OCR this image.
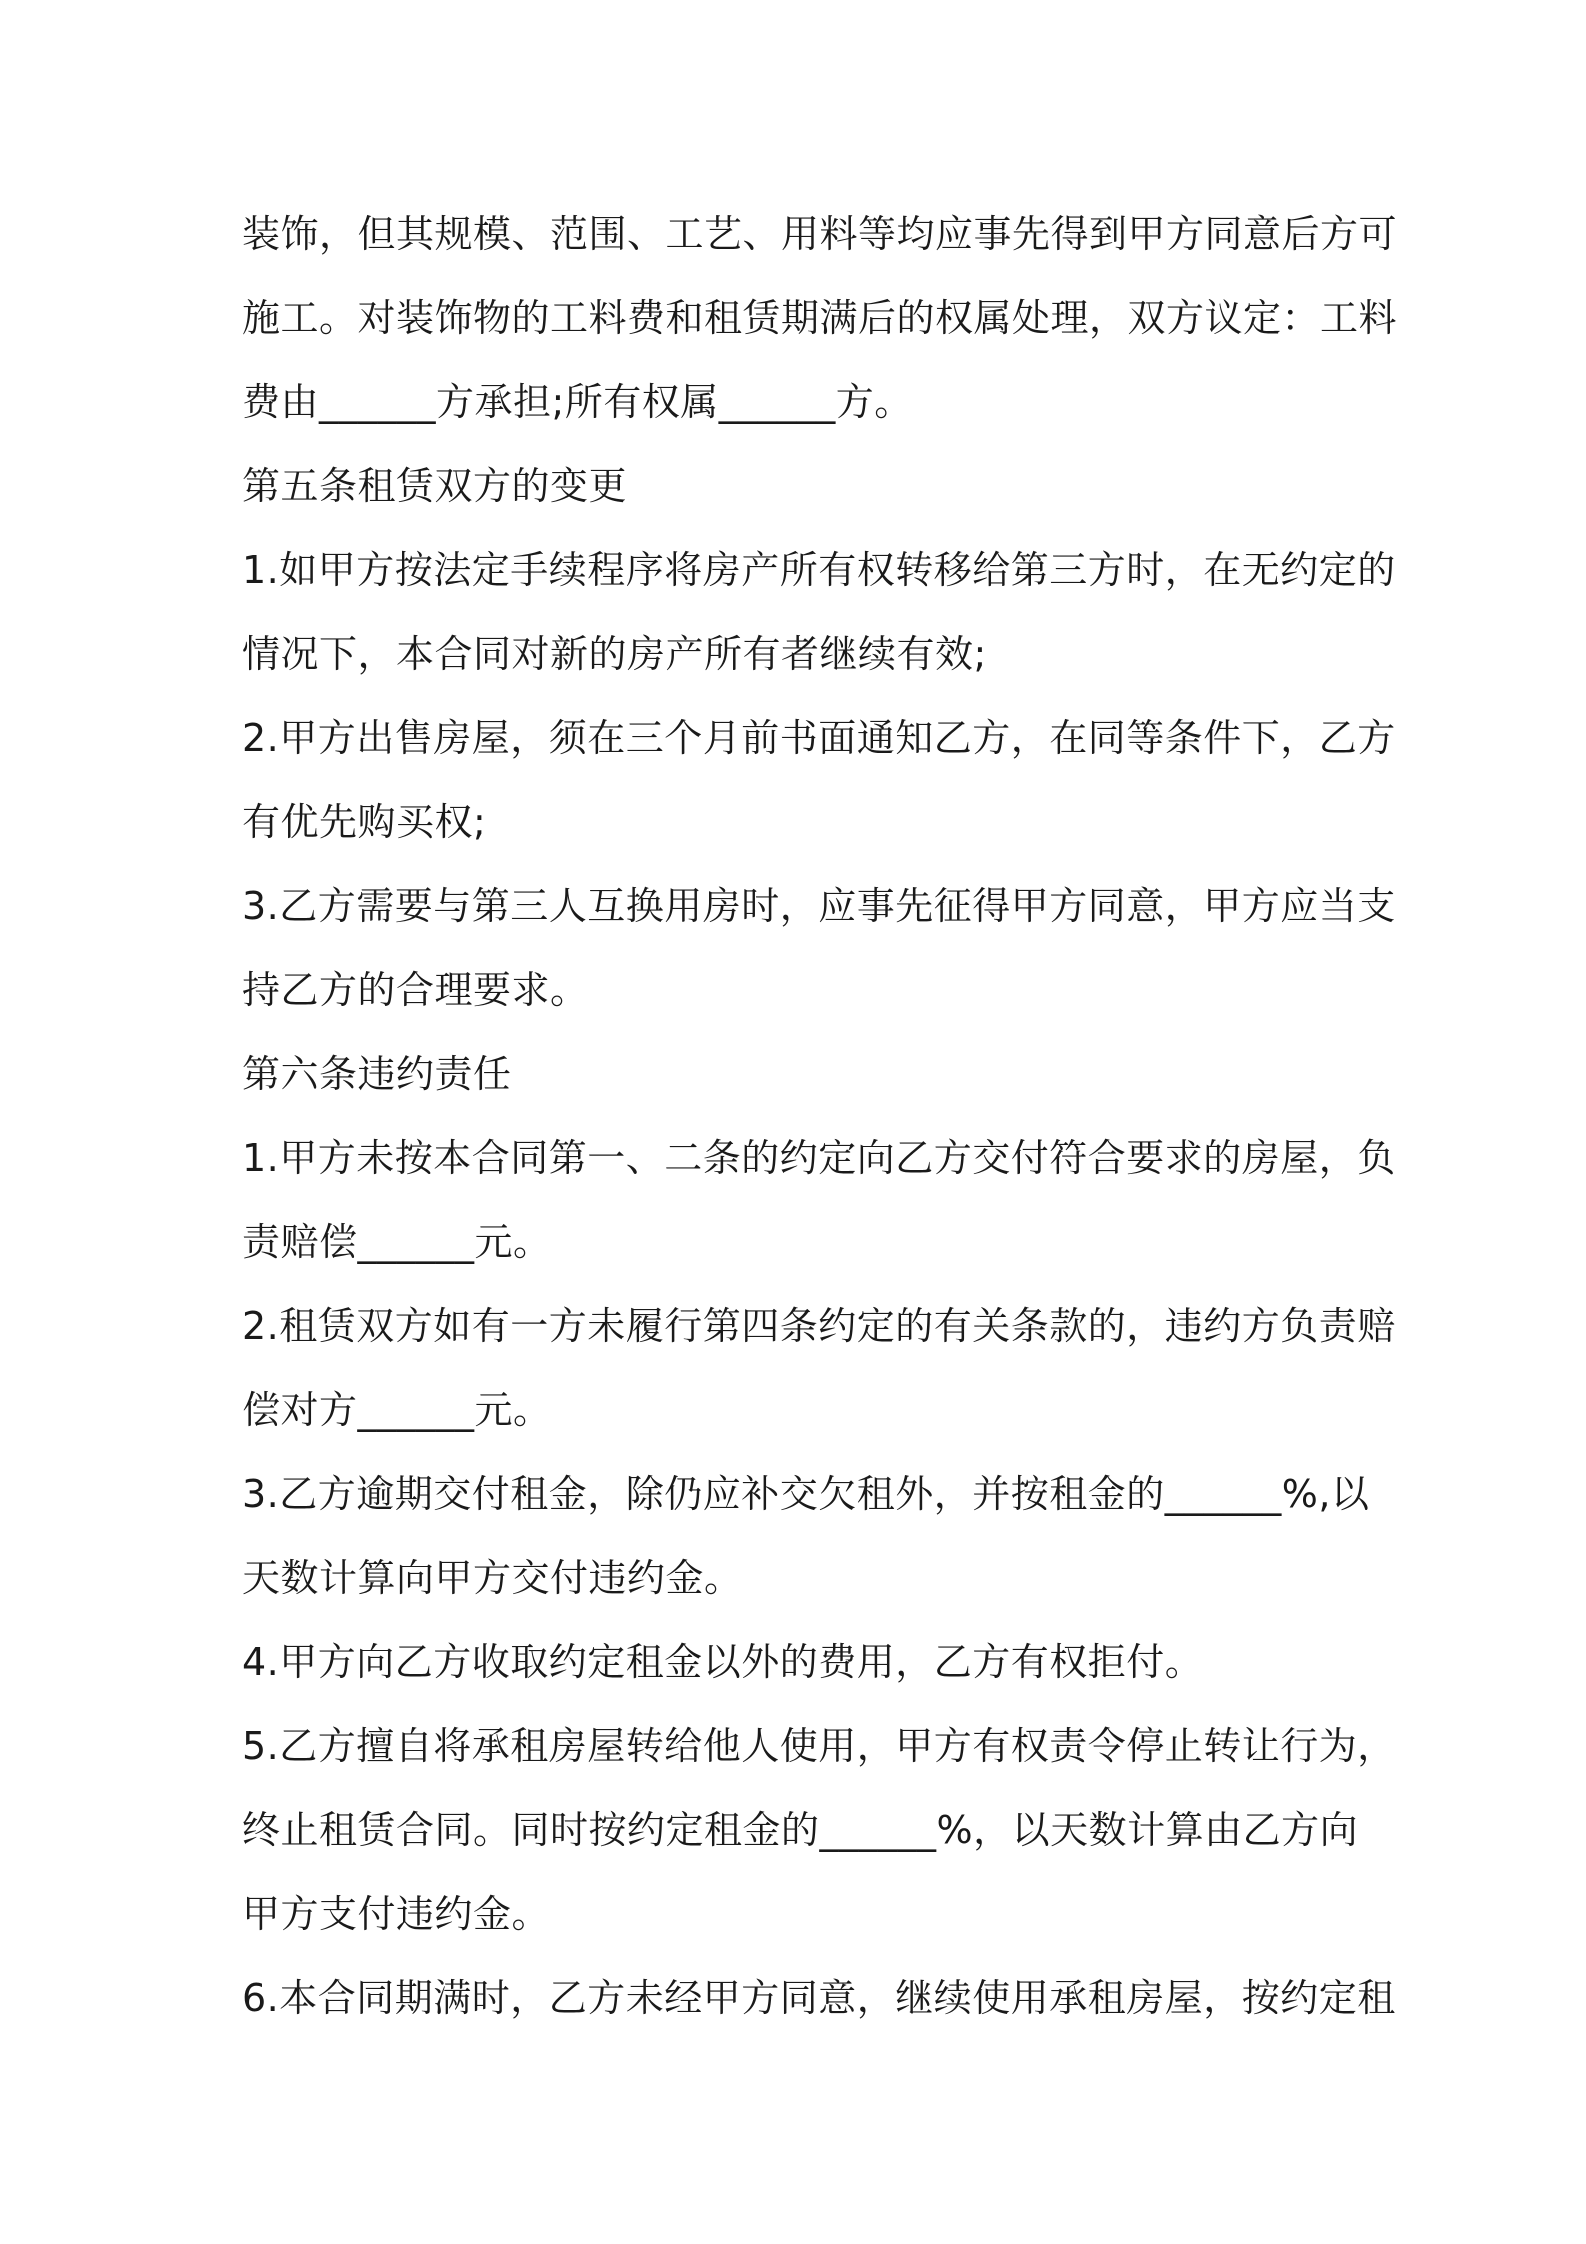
装饰，但其规模、范围、工艺、用料等均应事先得到甲方同意后方可
施工。对装饰物的工料费和租赁期满后的权属处理，双方议定：工料
费由______方承担;所有权属______方。
第五条租赁双方的变更
1.如甲方按法定手续程序将房产所有权转移给第三方时，在无约定的
情况下，本合同对新的房产所有者继续有效;
2.甲方出售房屋，须在三个月前书面通知乙方，在同等条件下，乙方
有优先购买权;
3.乙方需要与第三人互换用房时，应事先征得甲方同意，甲方应当支
持乙方的合理要求。
第六条违约责任
1.甲方未按本合同第一、二条的约定向乙方交付符合要求的房屋，负
责赔偿______元。
2.租赁双方如有一方未履行第四条约定的有关条款的，违约方负责赔
偿对方______元。
3.乙方逾期交付租金，除仍应补交欠租外，并按租金的______%,以
天数计算向甲方交付违约金。
4.甲方向乙方收取约定租金以外的费用，乙方有权拒付。
5.乙方擅自将承租房屋转给他人使用，甲方有权责令停止转让行为，
终止租赁合同。同时按约定租金的______%，以天数计算由乙方向
甲方支付违约金。
6.本合同期满时，乙方未经甲方同意，继续使用承租房屋，按约定租
